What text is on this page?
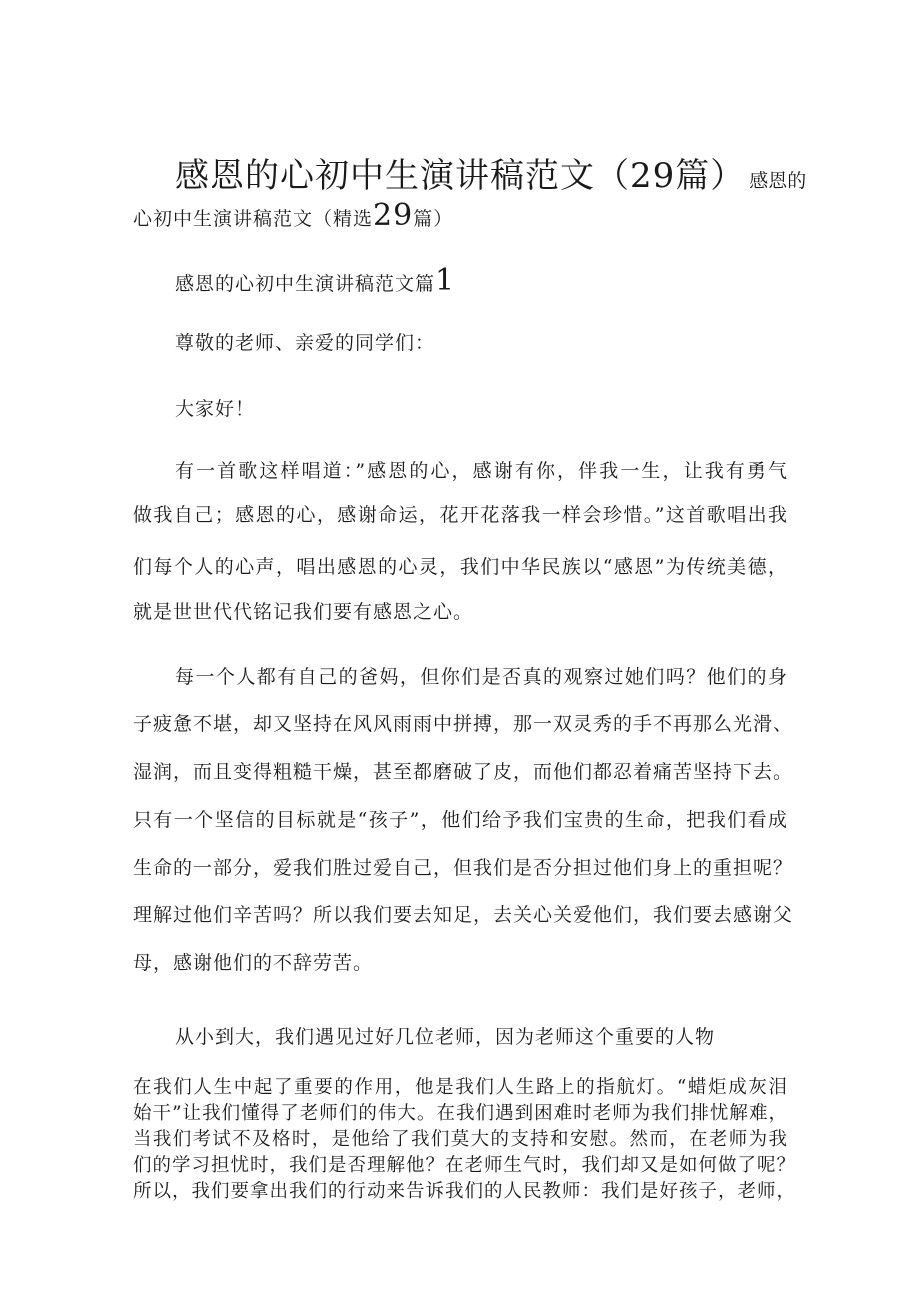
感恩的心初中生演讲稿范文（29篇） 感恩的
心初中生演讲稿范文（精选29篇）
感恩的心初中生演讲稿范文篇1
尊敬的老师、亲爱的同学们：
大家好！
有一首歌这样唱道：”感恩的心，感谢有你，伴我一生，让我有勇气
做我自己；感恩的心，感谢命运，花开花落我一样会珍惜。”这首歌唱出我
们每个人的心声，唱出感恩的心灵，我们中华民族以“感恩”为传统美德，
就是世世代代铭记我们要有感恩之心。
每一个人都有自己的爸妈，但你们是否真的观察过她们吗？他们的身
子疲惫不堪，却又坚持在风风雨雨中拼搏，那一双灵秀的手不再那么光滑、
湿润，而且变得粗糙干燥，甚至都磨破了皮，而他们都忍着痛苦坚持下去。
只有一个坚信的目标就是“孩子”，他们给予我们宝贵的生命，把我们看成
生命的一部分，爱我们胜过爱自己，但我们是否分担过他们身上的重担呢？
理解过他们辛苦吗？所以我们要去知足，去关心关爱他们，我们要去感谢父
母，感谢他们的不辞劳苦。
从小到大，我们遇见过好几位老师，因为老师这个重要的人物
在我们人生中起了重要的作用，他是我们人生路上的指航灯。“蜡炬成灰泪
始干”让我们懂得了老师们的伟大。在我们遇到困难时老师为我们排忧解难，
当我们考试不及格时，是他给了我们莫大的支持和安慰。然而，在老师为我
们的学习担忧时，我们是否理解他？在老师生气时，我们却又是如何做了呢？
所以，我们要拿出我们的行动来告诉我们的人民教师：我们是好孩子，老师，
